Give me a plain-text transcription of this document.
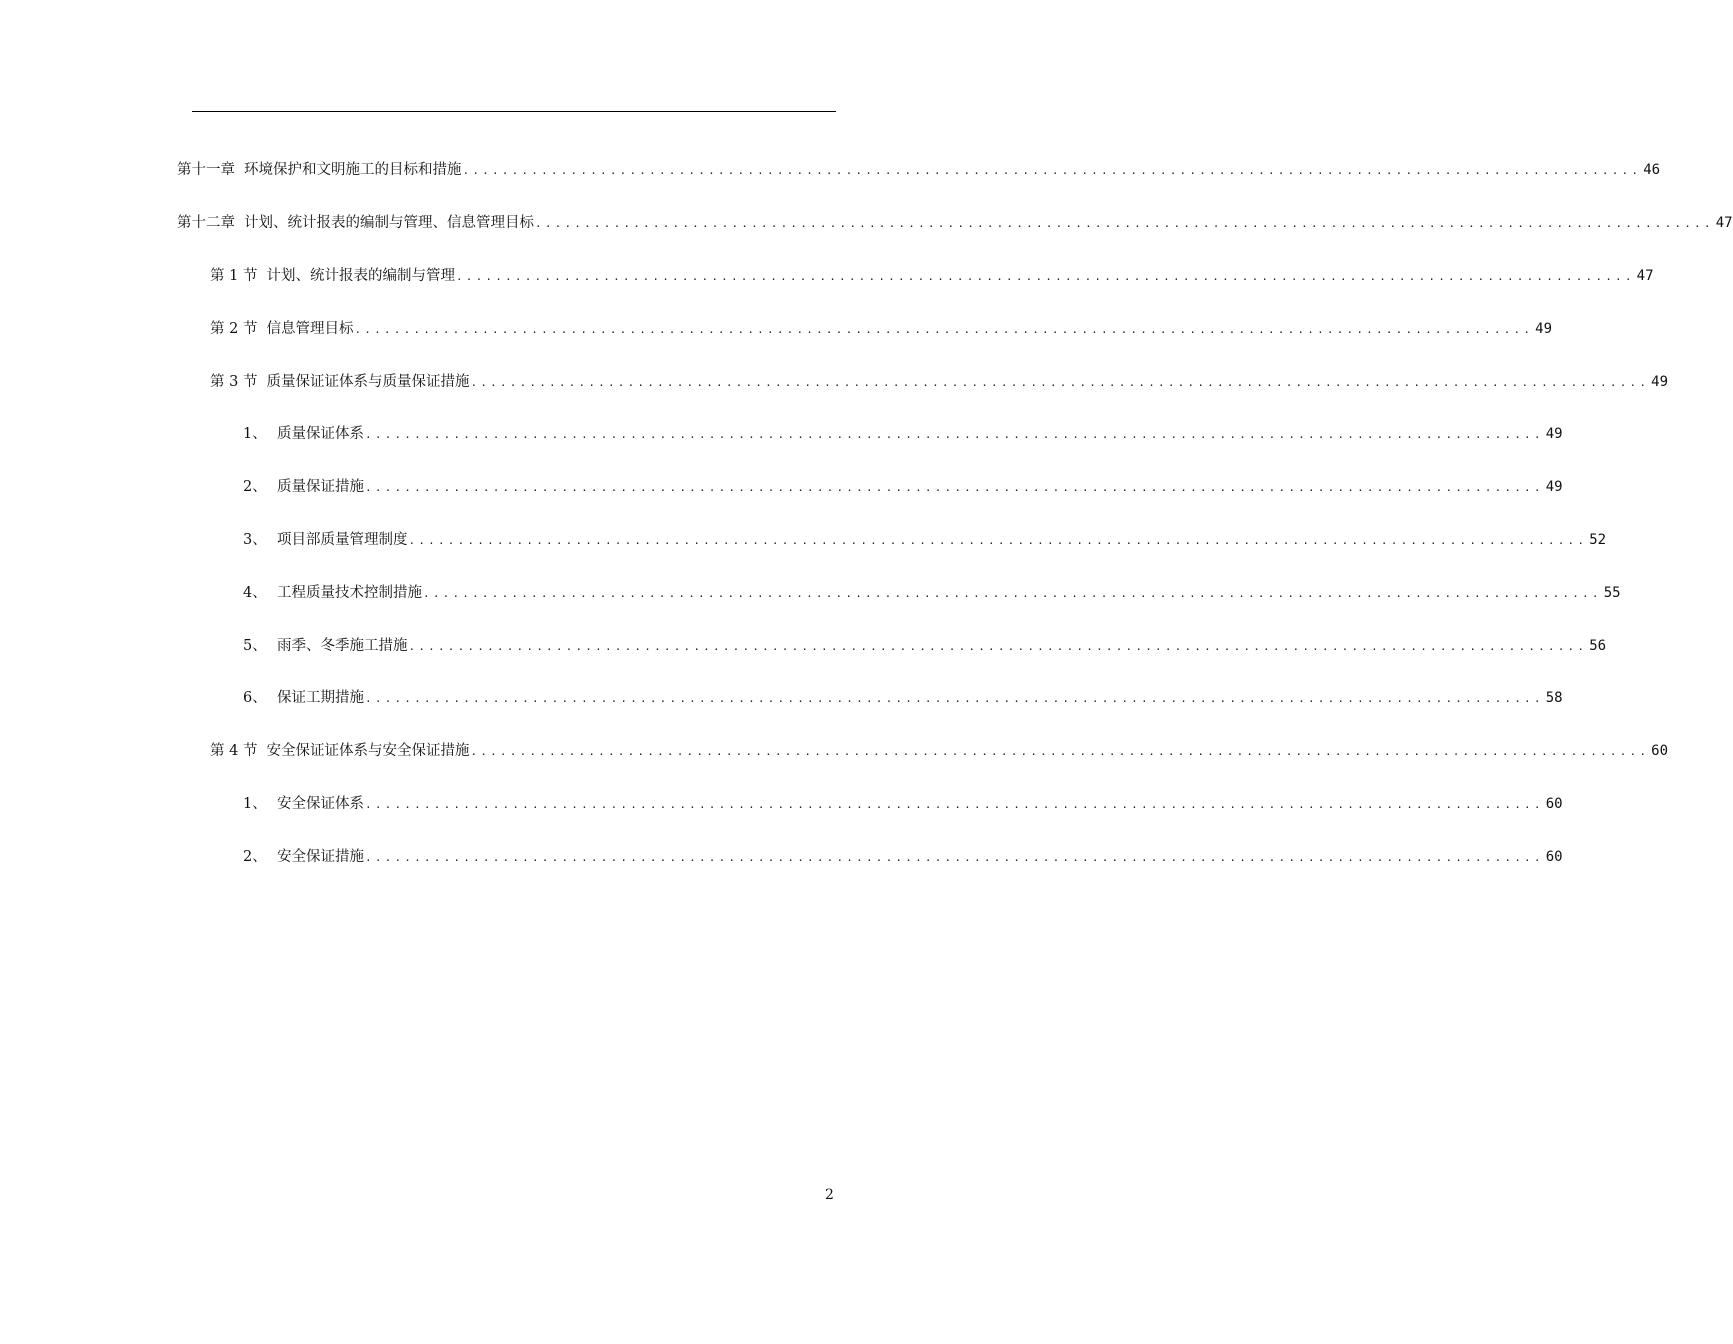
第十一章 环境保护和文明施工的目标和措施 ........................................................................................................................ 46
第十二章 计划、统计报表的编制与管理、信息管理目标 ........................................................................................................................ 47
第 1 节 计划、统计报表的编制与管理 ........................................................................................................................ 47
第 2 节 信息管理目标 ........................................................................................................................ 49
第 3 节 质量保证证体系与质量保证措施 ........................................................................................................................ 49
1、 质量保证体系 ........................................................................................................................ 49
2、 质量保证措施 ........................................................................................................................ 49
3、 项目部质量管理制度 ........................................................................................................................ 52
4、 工程质量技术控制措施 ........................................................................................................................ 55
5、 雨季、冬季施工措施 ........................................................................................................................ 56
6、 保证工期措施 ........................................................................................................................ 58
第 4 节 安全保证证体系与安全保证措施 ........................................................................................................................ 60
1、 安全保证体系 ........................................................................................................................ 60
2、 安全保证措施 ........................................................................................................................ 60
2
